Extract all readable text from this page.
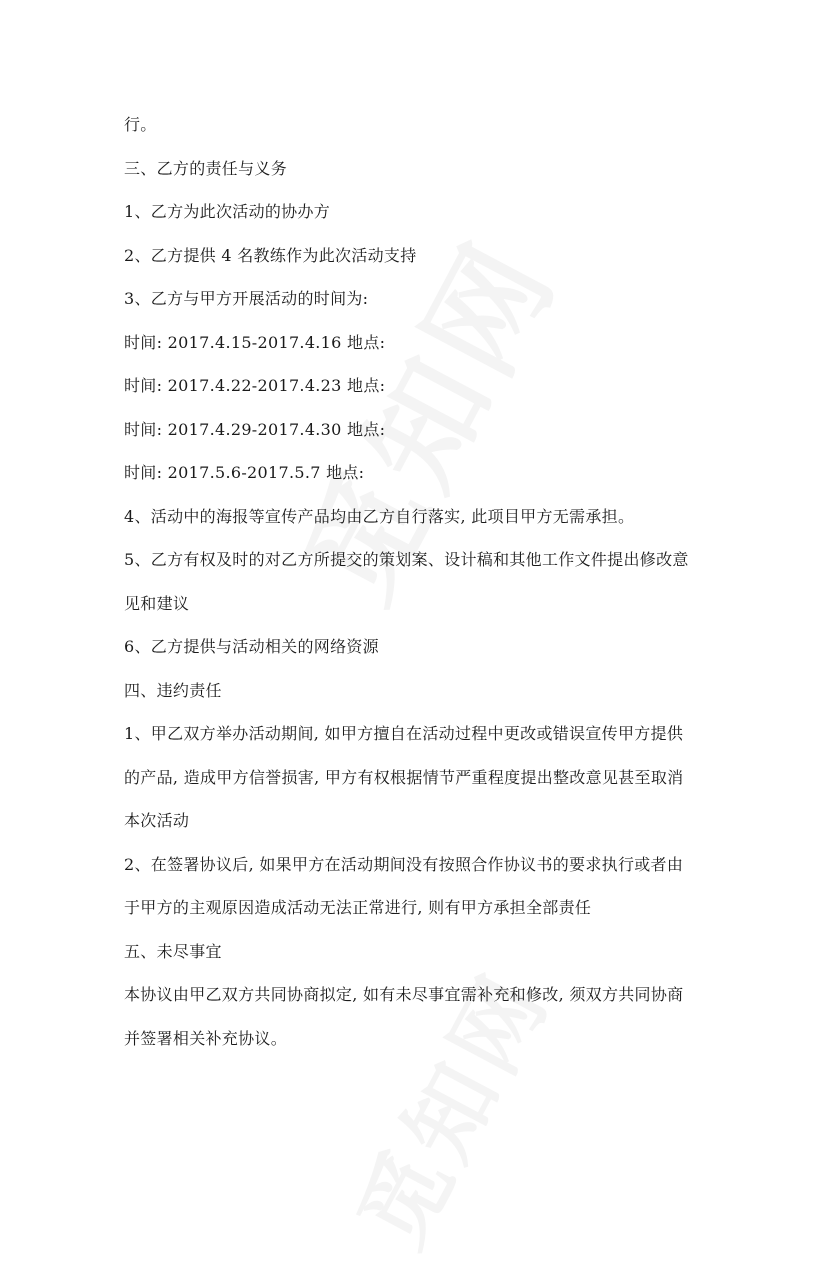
行。
三、乙方的责任与义务
1、乙方为此次活动的协办方
2、乙方提供 4 名教练作为此次活动支持
3、乙方与甲方开展活动的时间为:
时间: 2017.4.15-2017.4.16 地点:
时间: 2017.4.22-2017.4.23 地点:
时间: 2017.4.29-2017.4.30 地点:
时间: 2017.5.6-2017.5.7 地点:
4、活动中的海报等宣传产品均由乙方自行落实, 此项目甲方无需承担。
5、乙方有权及时的对乙方所提交的策划案、设计稿和其他工作文件提出修改意
见和建议
6、乙方提供与活动相关的网络资源
四、违约责任
1、甲乙双方举办活动期间, 如甲方擅自在活动过程中更改或错误宣传甲方提供
的产品, 造成甲方信誉损害, 甲方有权根据情节严重程度提出整改意见甚至取消
本次活动
2、在签署协议后, 如果甲方在活动期间没有按照合作协议书的要求执行或者由
于甲方的主观原因造成活动无法正常进行, 则有甲方承担全部责任
五、未尽事宜
本协议由甲乙双方共同协商拟定, 如有未尽事宜需补充和修改, 须双方共同协商
并签署相关补充协议。
